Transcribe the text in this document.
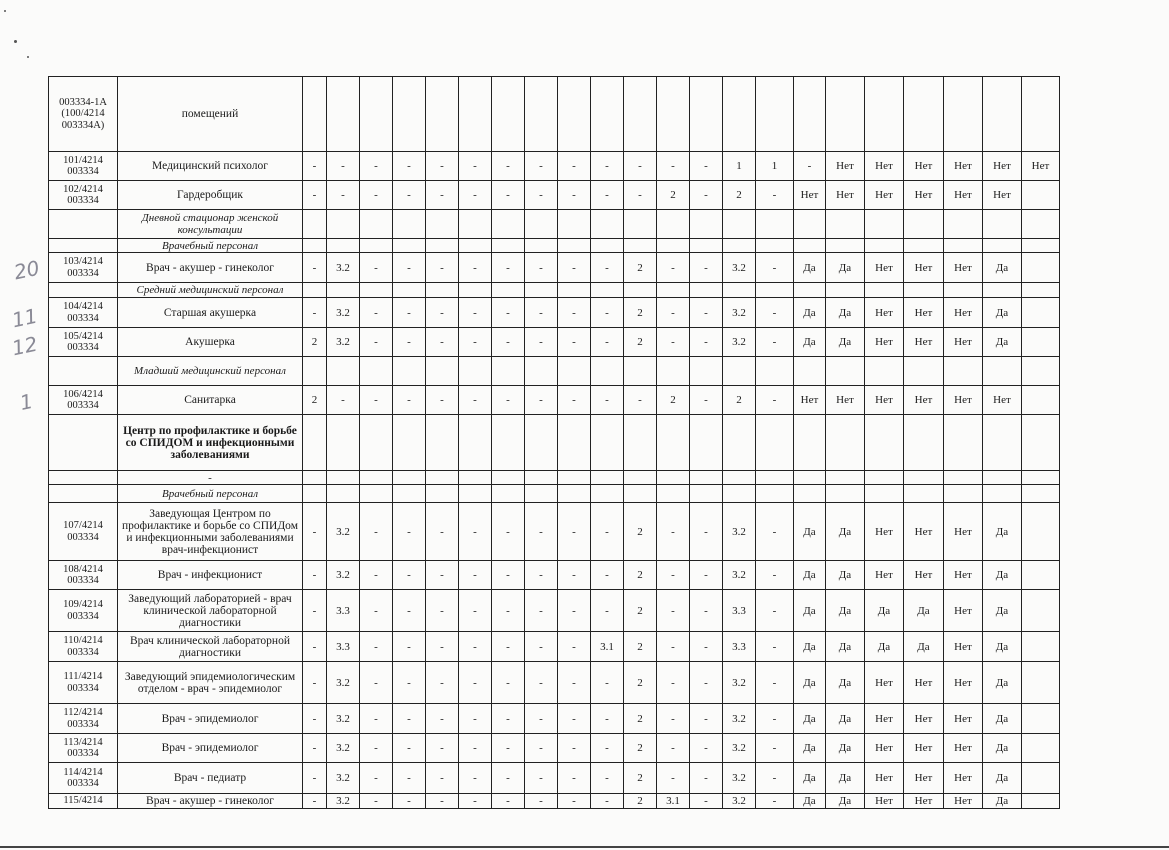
20
11
12
1
003334-1А (100/4214 003334А)	помещений																						
101/4214 003334	Медицинский психолог	-	-	-	-	-	-	-	-	-	-	-	-	-	1	1	-	Нет	Нет	Нет	Нет	Нет	Нет
102/4214 003334	Гардеробщик	-	-	-	-	-	-	-	-	-	-	-	2	-	2	-	Нет	Нет	Нет	Нет	Нет	Нет	
	Дневной стационар женской консультации																						
	Врачебный персонал																						
103/4214 003334	Врач - акушер - гинеколог	-	3.2	-	-	-	-	-	-	-	-	2	-	-	3.2	-	Да	Да	Нет	Нет	Нет	Да	
	Средний медицинский персонал																						
104/4214 003334	Старшая акушерка	-	3.2	-	-	-	-	-	-	-	-	2	-	-	3.2	-	Да	Да	Нет	Нет	Нет	Да	
105/4214 003334	Акушерка	2	3.2	-	-	-	-	-	-	-	-	2	-	-	3.2	-	Да	Да	Нет	Нет	Нет	Да	
	Младший медицинский персонал																						
106/4214 003334	Санитарка	2	-	-	-	-	-	-	-	-	-	-	2	-	2	-	Нет	Нет	Нет	Нет	Нет	Нет	
	Центр по профилактике и борьбе со СПИДОМ и инфекционными заболеваниями																						
	-																						
	Врачебный персонал																						
107/4214 003334	Заведующая Центром по профилактике и борьбе со СПИДом и инфекционными заболеваниями врач-инфекционист	-	3.2	-	-	-	-	-	-	-	-	2	-	-	3.2	-	Да	Да	Нет	Нет	Нет	Да	
108/4214 003334	Врач - инфекционист	-	3.2	-	-	-	-	-	-	-	-	2	-	-	3.2	-	Да	Да	Нет	Нет	Нет	Да	
109/4214 003334	Заведующий лабораторией - врач клинической лабораторной диагностики	-	3.3	-	-	-	-	-	-	-	-	2	-	-	3.3	-	Да	Да	Да	Да	Нет	Да	
110/4214 003334	Врач клинической лабораторной диагностики	-	3.3	-	-	-	-	-	-	-	3.1	2	-	-	3.3	-	Да	Да	Да	Да	Нет	Да	
111/4214 003334	Заведующий эпидемиологическим отделом - врач - эпидемиолог	-	3.2	-	-	-	-	-	-	-	-	2	-	-	3.2	-	Да	Да	Нет	Нет	Нет	Да	
112/4214 003334	Врач - эпидемиолог	-	3.2	-	-	-	-	-	-	-	-	2	-	-	3.2	-	Да	Да	Нет	Нет	Нет	Да	
113/4214 003334	Врач - эпидемиолог	-	3.2	-	-	-	-	-	-	-	-	2	-	-	3.2	-	Да	Да	Нет	Нет	Нет	Да	
114/4214 003334	Врач - педиатр	-	3.2	-	-	-	-	-	-	-	-	2	-	-	3.2	-	Да	Да	Нет	Нет	Нет	Да	
115/4214	Врач - акушер - гинеколог	-	3.2	-	-	-	-	-	-	-	-	2	3.1	-	3.2	-	Да	Да	Нет	Нет	Нет	Да	
